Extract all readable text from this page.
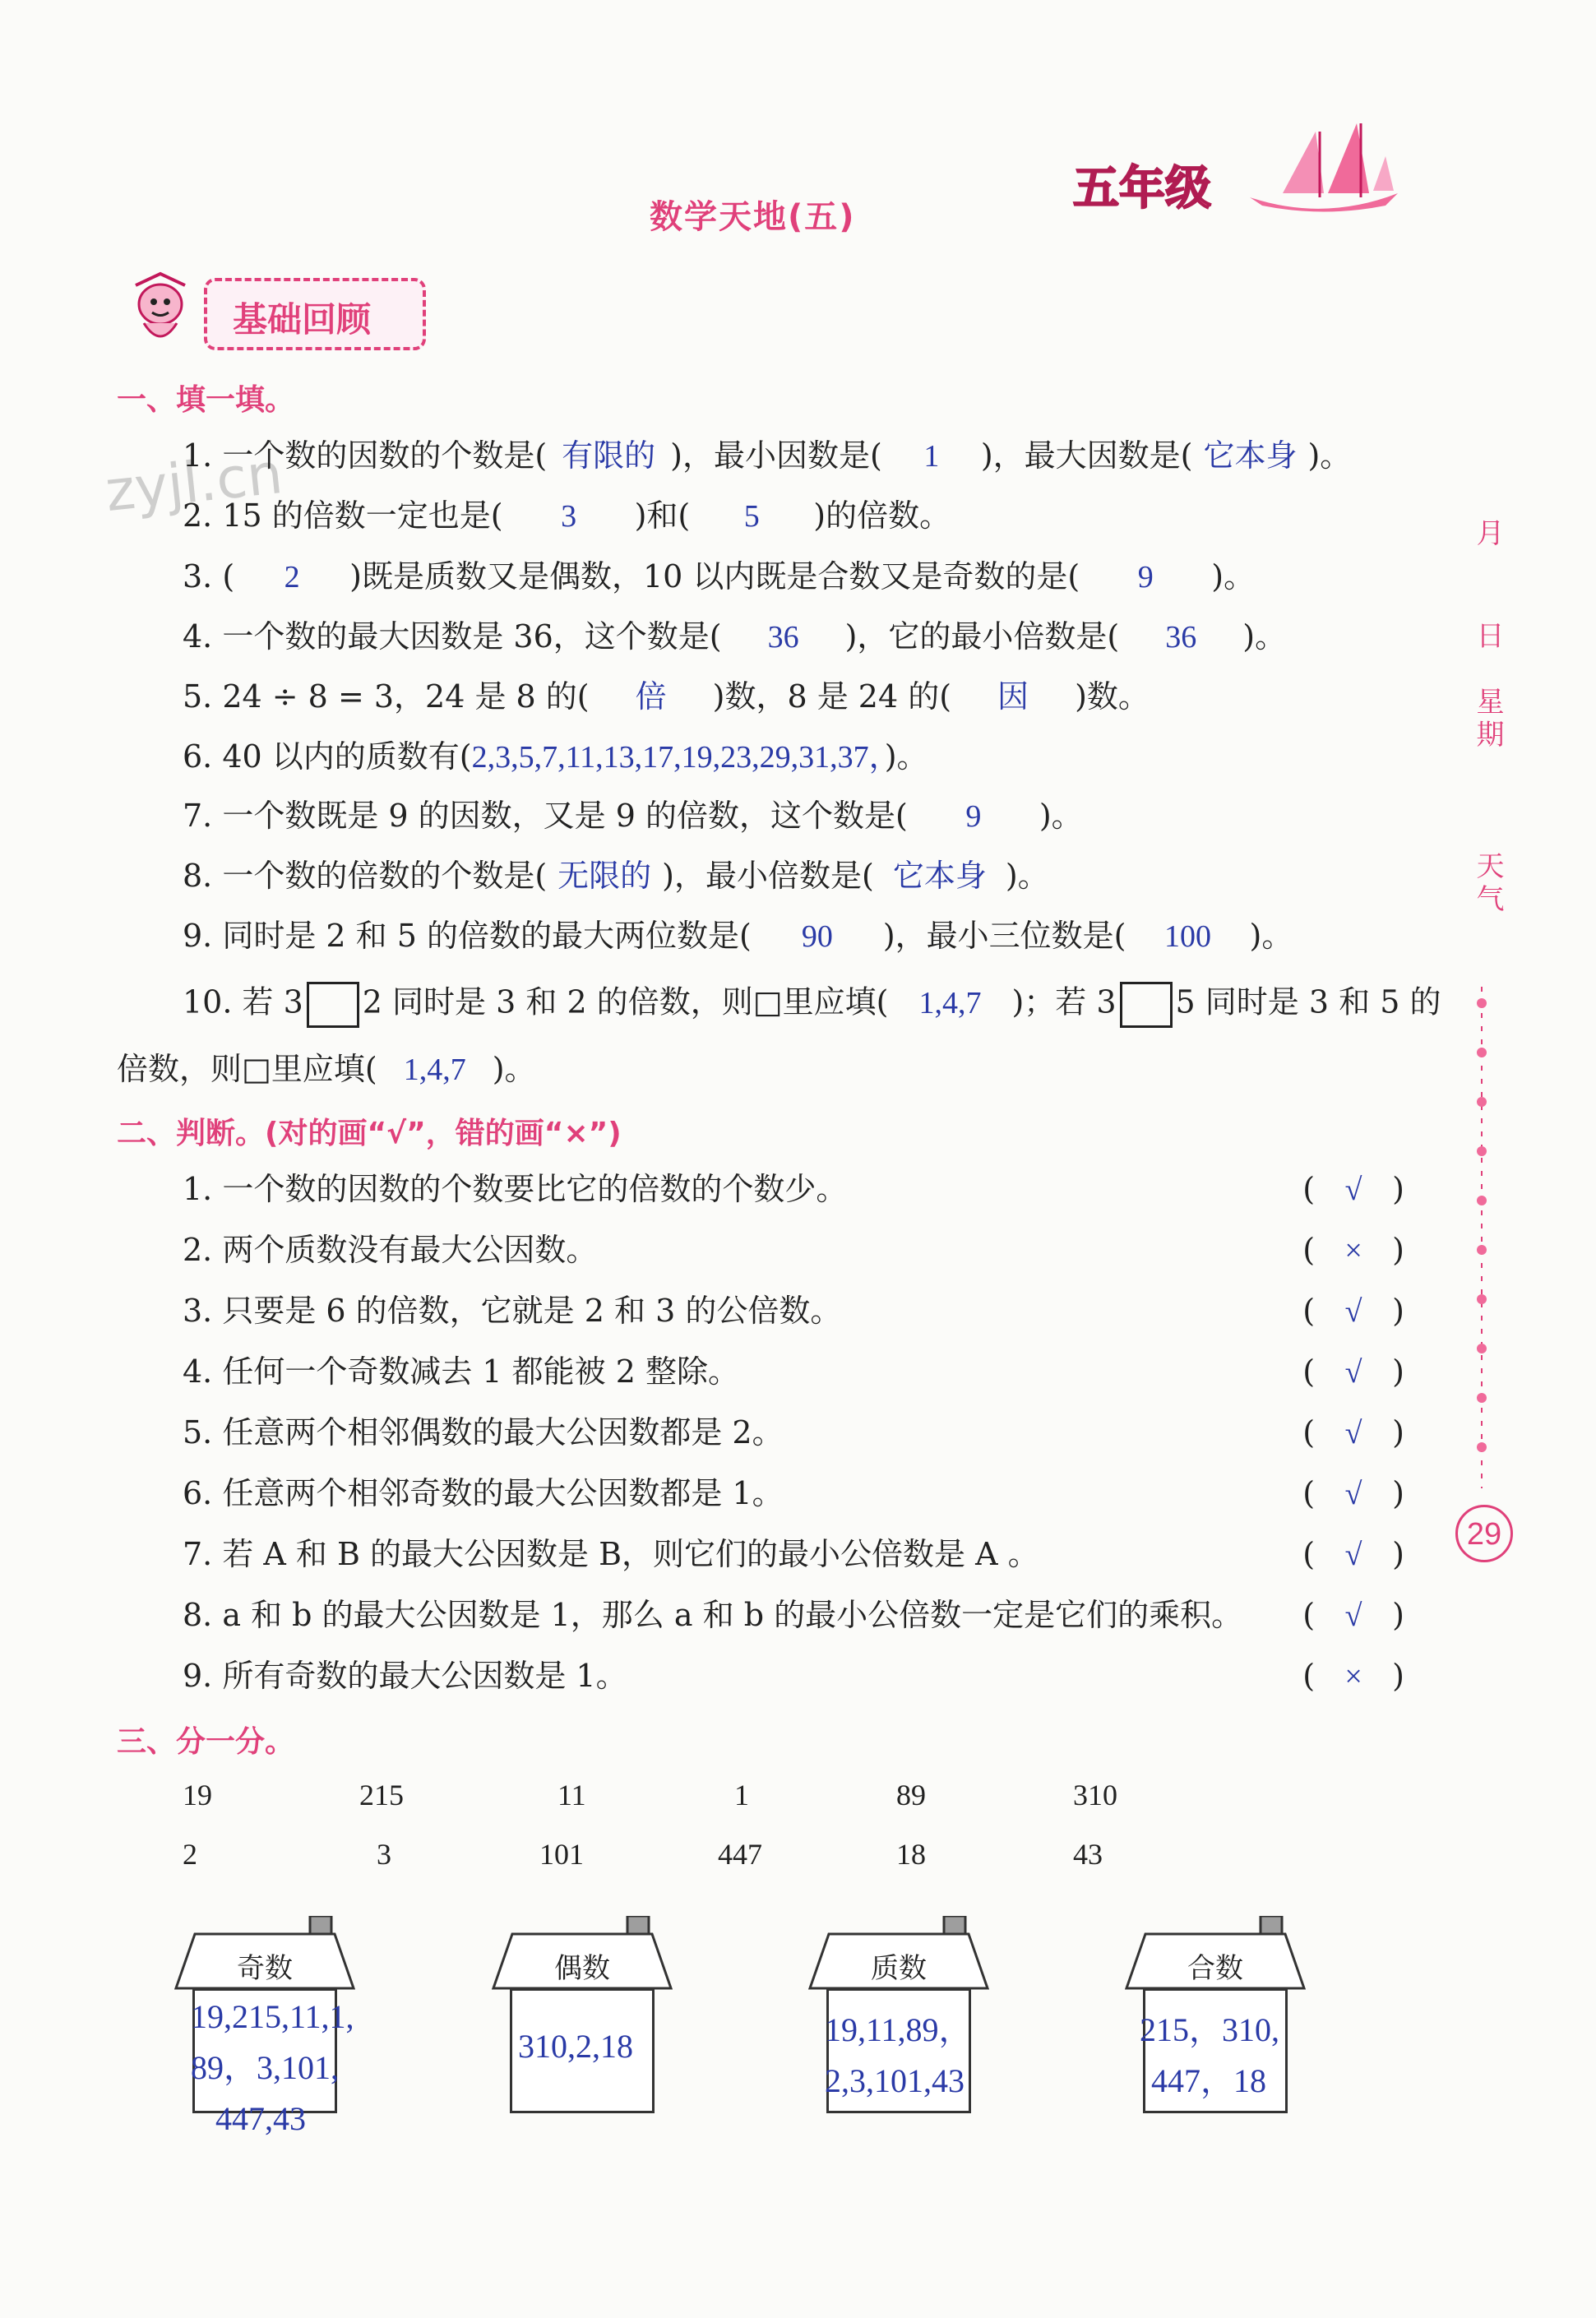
数学天地(五)
五年级
基础回顾
zyjl.cn
月
日
星期
天气
29
一、填一填。
1. 一个数的因数的个数是( 有限的 )，最小因数是( 1 )，最大因数是( 它本身 )。
2. 15 的倍数一定也是( 3 )和( 5 )的倍数。
3. ( 2 )既是质数又是偶数，10 以内既是合数又是奇数的是( 9 )。
4. 一个数的最大因数是 36，这个数是( 36 )，它的最小倍数是( 36 )。
5. 24 ÷ 8 = 3，24 是 8 的( 倍 )数，8 是 24 的( 因 )数。
6. 40 以内的质数有(2,3,5,7,11,13,17,19,23,29,31,37，)。
7. 一个数既是 9 的因数，又是 9 的倍数，这个数是( 9 )。
8. 一个数的倍数的个数是( 无限的 )，最小倍数是( 它本身 )。
9. 同时是 2 和 5 的倍数的最大两位数是( 90 )，最小三位数是( 100 )。
10. 若 3 2 同时是 3 和 2 的倍数，则□里应填( 1,4,7 )；若 3 5 同时是 3 和 5 的
倍数，则□里应填( 1,4,7 )。
二、判断。(对的画“√”，错的画“×”)
1. 一个数的因数的个数要比它的倍数的个数少。	( √ )
2. 两个质数没有最大公因数。	( × )
3. 只要是 6 的倍数，它就是 2 和 3 的公倍数。	( √ )
4. 任何一个奇数减去 1 都能被 2 整除。	( √ )
5. 任意两个相邻偶数的最大公因数都是 2。	( √ )
6. 任意两个相邻奇数的最大公因数都是 1。	( √ )
7. 若 A 和 B 的最大公因数是 B，则它们的最小公倍数是 A 。	( √ )
8. a 和 b 的最大公因数是 1，那么 a 和 b 的最小公倍数一定是它们的乘积。 ( √ )
9. 所有奇数的最大公因数是 1。	( × )
三、分一分。
19	215	11	1	89	310
2	3	101	447	18	43
奇数
19,215,11,1,
89，3,101,
447,43
偶数
310,2,18
质数
19,11,89，
2,3,101,43
合数
215，310,
447，18
